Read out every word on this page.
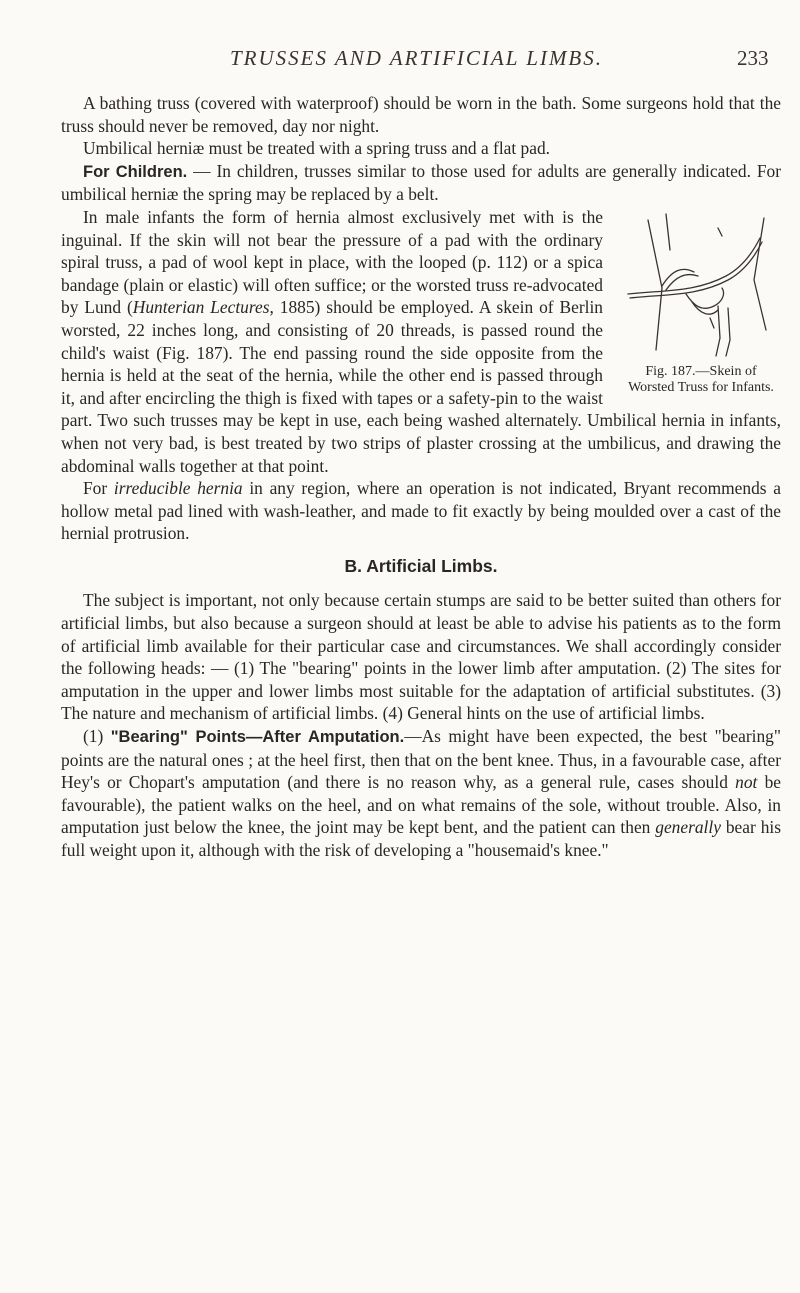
TRUSSES AND ARTIFICIAL LIMBS.	233

A bathing truss (covered with waterproof) should be worn in the bath. Some surgeons hold that the truss should never be removed, day nor night.

Umbilical herniæ must be treated with a spring truss and a flat pad.

For Children. — In children, trusses similar to those used for adults are generally indicated. For umbilical herniæ the spring may be replaced by a belt.

Fig. 187.—Skein of Worsted Truss for Infants.

In male infants the form of hernia almost exclusively met with is the inguinal. If the skin will not bear the pressure of a pad with the ordinary spiral truss, a pad of wool kept in place, with the looped (p. 112) or a spica bandage (plain or elastic) will often suffice; or the worsted truss re-advocated by Lund (Hunterian Lectures, 1885) should be employed. A skein of Berlin worsted, 22 inches long, and consisting of 20 threads, is passed round the child's waist (Fig. 187). The end passing round the side opposite from the hernia is held at the seat of the hernia, while the other end is passed through it, and after encircling the thigh is fixed with tapes or a safety-pin to the waist part. Two such trusses may be kept in use, each being washed alternately. Umbilical hernia in infants, when not very bad, is best treated by two strips of plaster crossing at the umbilicus, and drawing the abdominal walls together at that point.

For irreducible hernia in any region, where an operation is not indicated, Bryant recommends a hollow metal pad lined with wash-leather, and made to fit exactly by being moulded over a cast of the hernial protrusion.

B. Artificial Limbs.

The subject is important, not only because certain stumps are said to be better suited than others for artificial limbs, but also because a surgeon should at least be able to advise his patients as to the form of artificial limb available for their particular case and circumstances. We shall accordingly consider the following heads: — (1) The "bearing" points in the lower limb after amputation. (2) The sites for amputation in the upper and lower limbs most suitable for the adaptation of artificial substitutes. (3) The nature and mechanism of artificial limbs. (4) General hints on the use of artificial limbs.

(1) "Bearing" Points—After Amputation.—As might have been expected, the best "bearing" points are the natural ones ; at the heel first, then that on the bent knee. Thus, in a favourable case, after Hey's or Chopart's amputation (and there is no reason why, as a general rule, cases should not be favourable), the patient walks on the heel, and on what remains of the sole, without trouble. Also, in amputation just below the knee, the joint may be kept bent, and the patient can then generally bear his full weight upon it, although with the risk of developing a "housemaid's knee."
